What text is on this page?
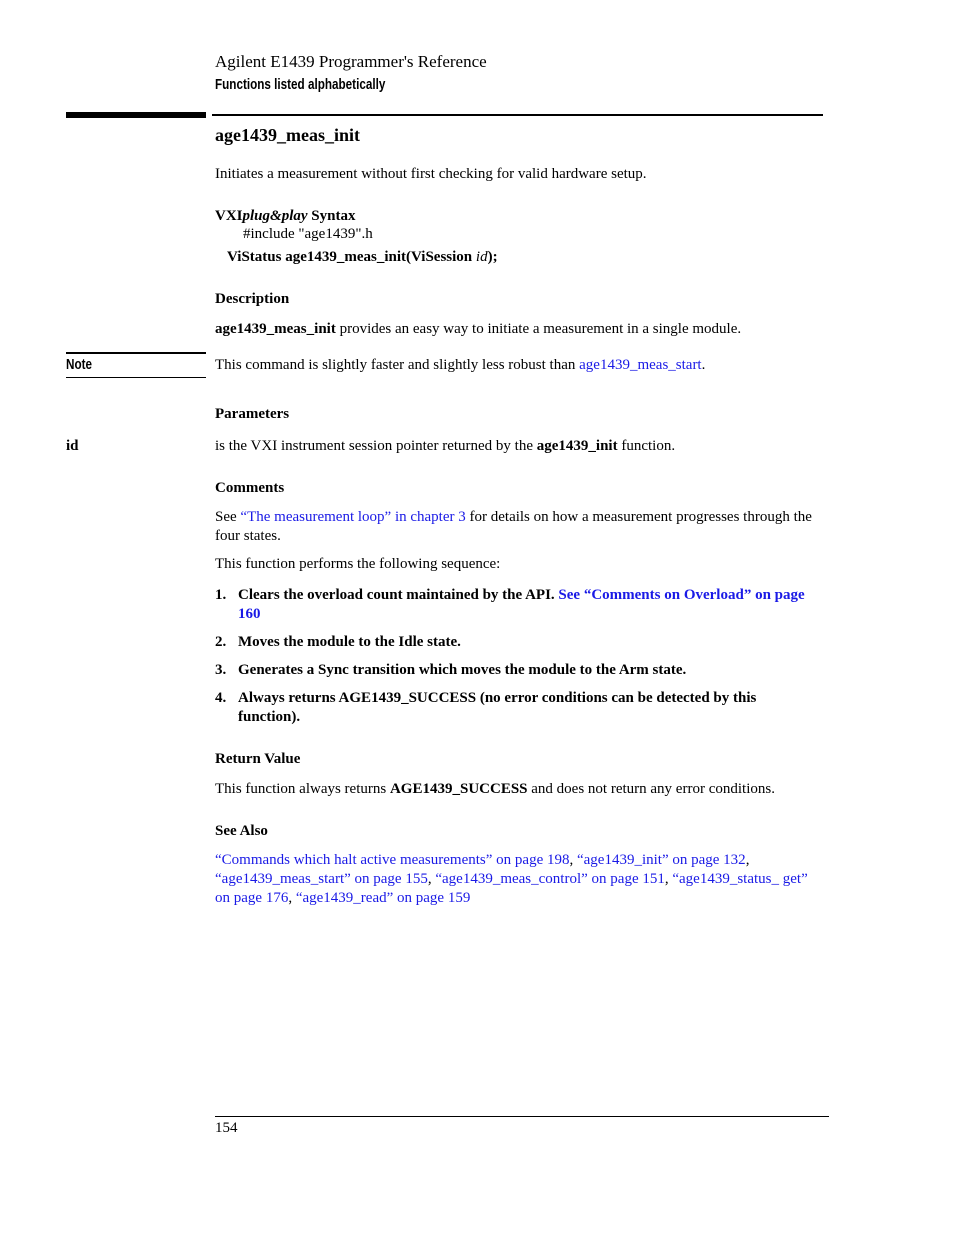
Agilent E1439 Programmer's Reference
Functions listed alphabetically
age1439_meas_init
Initiates a measurement without first checking for valid hardware setup.
VXIplug&play Syntax
#include "age1439".h
ViStatus age1439_meas_init(ViSession id);
Description
age1439_meas_init provides an easy way to initiate a measurement in a single module.
Note	This command is slightly faster and slightly less robust than age1439_meas_start.
Parameters
id	is the VXI instrument session pointer returned by the age1439_init function.
Comments
See “The measurement loop” in chapter 3 for details on how a measurement progresses through the four states.
This function performs the following sequence:
1. Clears the overload count maintained by the API. See “Comments on Overload” on page 160
2. Moves the module to the Idle state.
3. Generates a Sync transition which moves the module to the Arm state.
4. Always returns AGE1439_SUCCESS (no error conditions can be detected by this function).
Return Value
This function always returns AGE1439_SUCCESS and does not return any error conditions.
See Also
“Commands which halt active measurements” on page 198, “age1439_init” on page 132, “age1439_meas_start” on page 155, “age1439_meas_control” on page 151, “age1439_status_ get” on page 176, “age1439_read” on page 159
154
